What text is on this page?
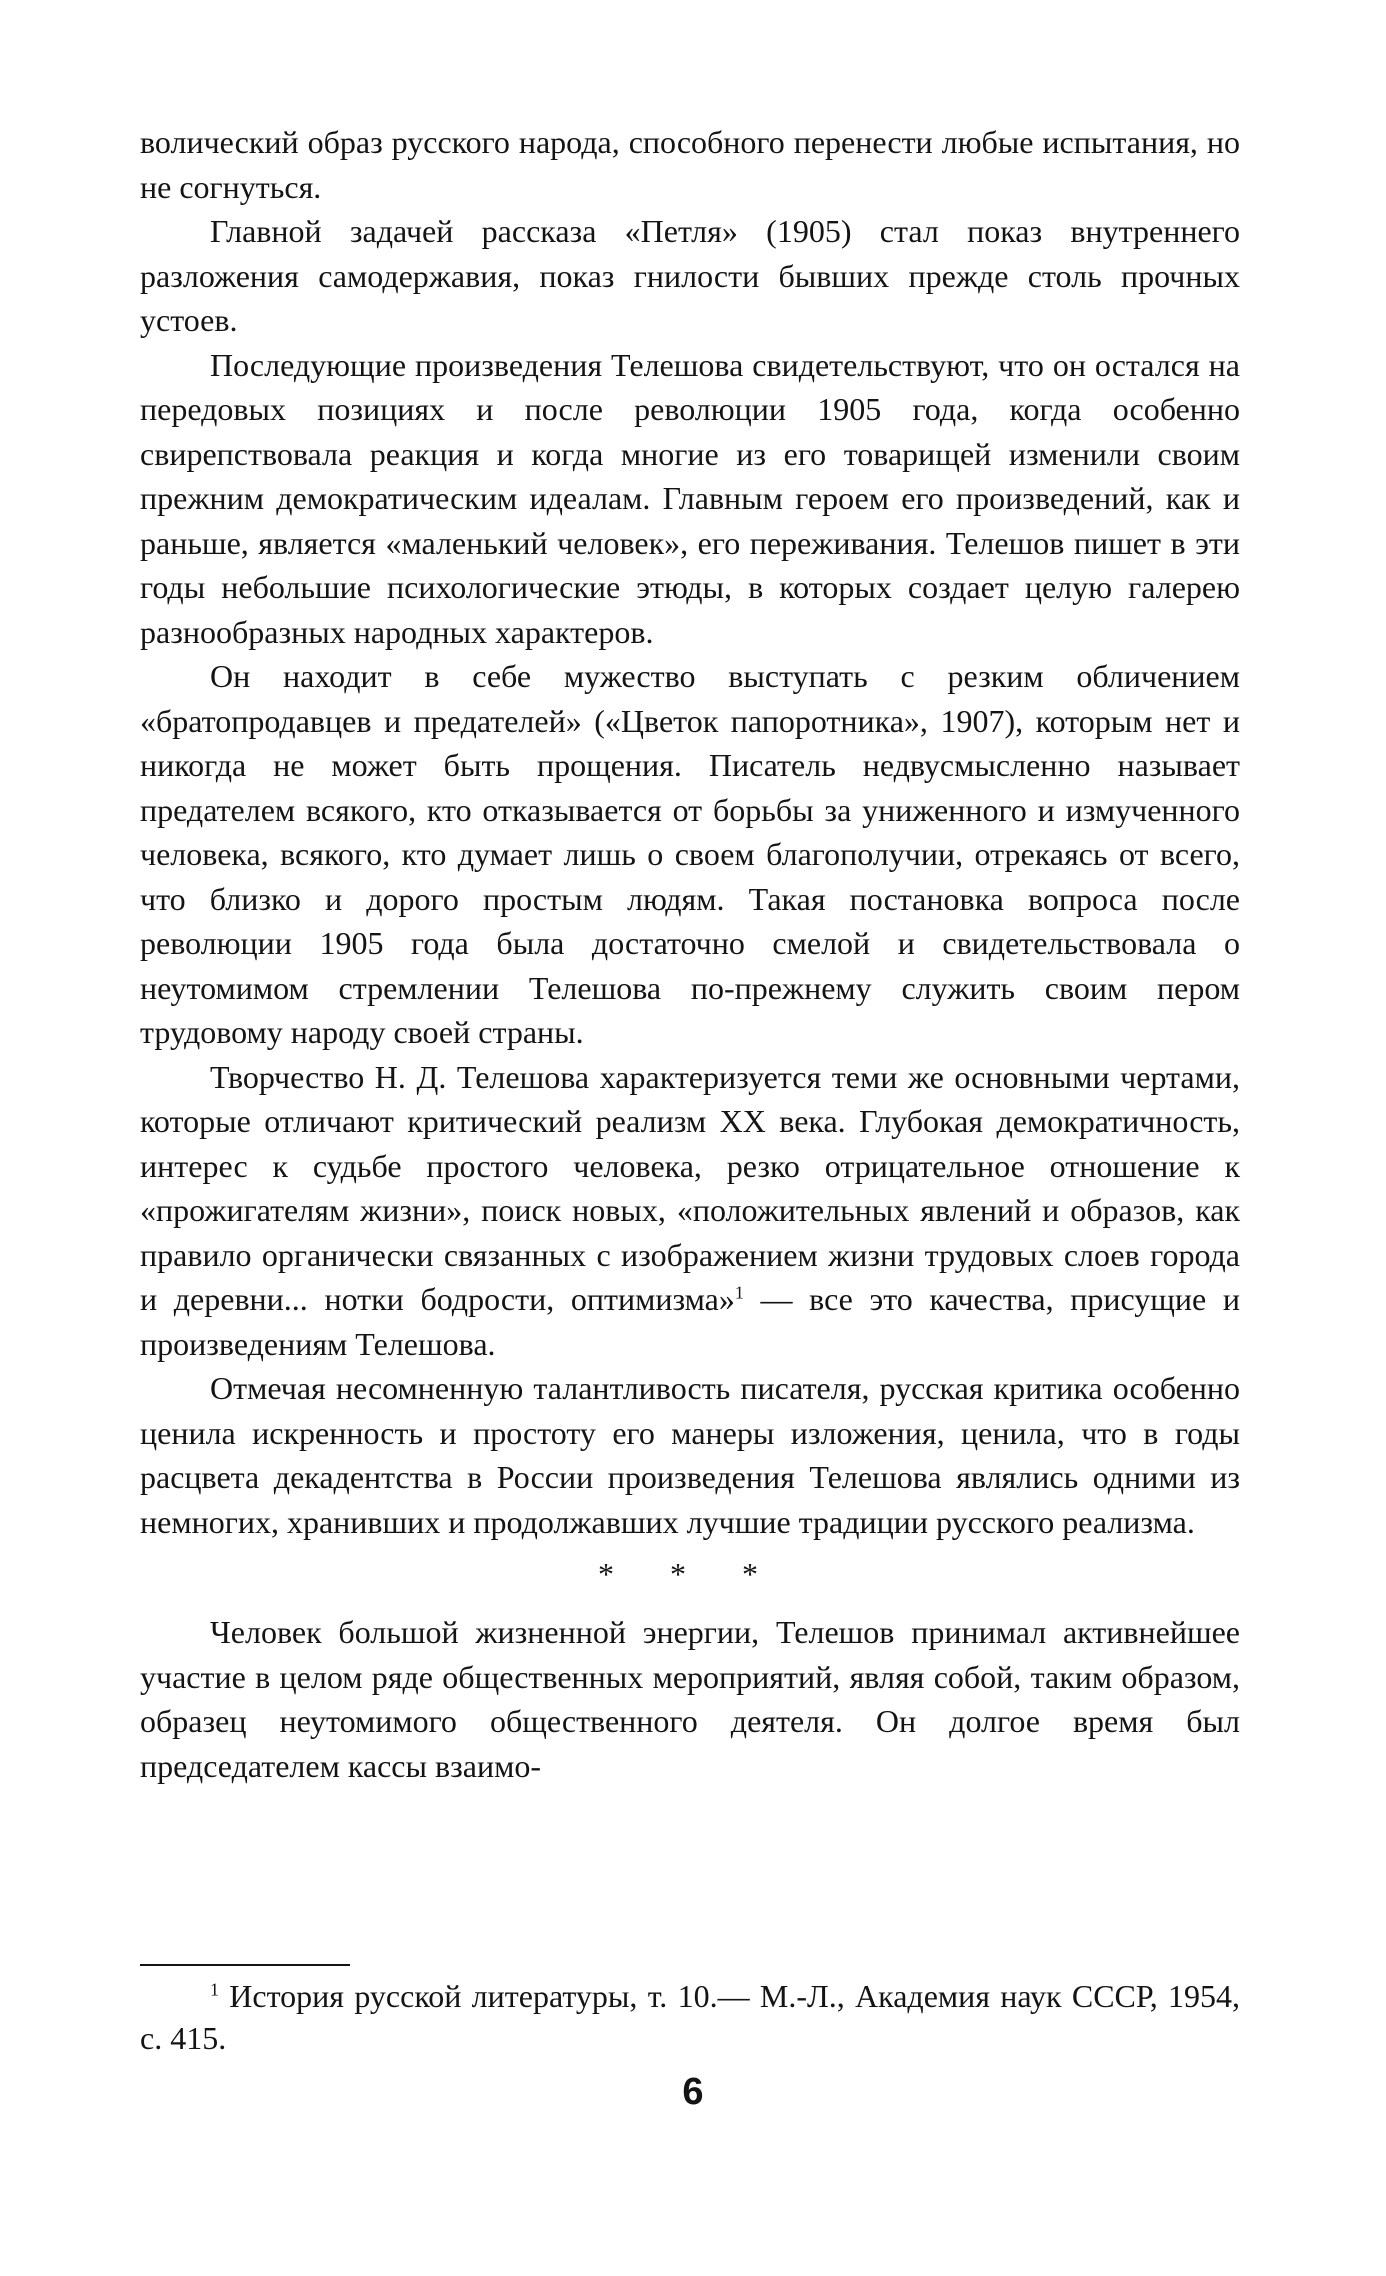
волический образ русского народа, способного перенести любые испытания, но не согнуться.

Главной задачей рассказа «Петля» (1905) стал показ внутреннего разложения самодержавия, показ гнилости бывших прежде столь прочных устоев.

Последующие произведения Телешова свидетельствуют, что он остался на передовых позициях и после революции 1905 года, когда особенно свирепствовала реакция и когда многие из его товарищей изменили своим прежним демократическим идеалам. Главным героем его произведений, как и раньше, является «маленький человек», его переживания. Телешов пишет в эти годы небольшие психологические этюды, в которых создает целую галерею разнообразных народных характеров.

Он находит в себе мужество выступать с резким обличением «братопродавцев и предателей» («Цветок папоротника», 1907), которым нет и никогда не может быть прощения. Писатель недвусмысленно называет предателем всякого, кто отказывается от борьбы за униженного и измученного человека, всякого, кто думает лишь о своем благополучии, отрекаясь от всего, что близко и дорого простым людям. Такая постановка вопроса после революции 1905 года была достаточно смелой и свидетельствовала о неутомимом стремлении Телешова по-прежнему служить своим пером трудовому народу своей страны.

Творчество Н. Д. Телешова характеризуется теми же основными чертами, которые отличают критический реализм XX века. Глубокая демократичность, интерес к судьбе простого человека, резко отрицательное отношение к «прожигателям жизни», поиск новых, «положительных явлений и образов, как правило органически связанных с изображением жизни трудовых слоев города и деревни... нотки бодрости, оптимизма»$^1$ — все это качества, присущие и произведениям Телешова.

Отмечая несомненную талантливость писателя, русская критика особенно ценила искренность и простоту его манеры изложения, ценила, что в годы расцвета декадентства в России произведения Телешова являлись одними из немногих, хранивших и продолжавших лучшие традиции русского реализма.

* * *

Человек большой жизненной энергии, Телешов принимал активнейшее участие в целом ряде общественных мероприятий, являя собой, таким образом, образец неутомимого общественного деятеля. Он долгое время был председателем кассы взаимо-

$^1$ История русской литературы, т. 10.— М.-Л., Академия наук СССР, 1954, с. 415.

6
